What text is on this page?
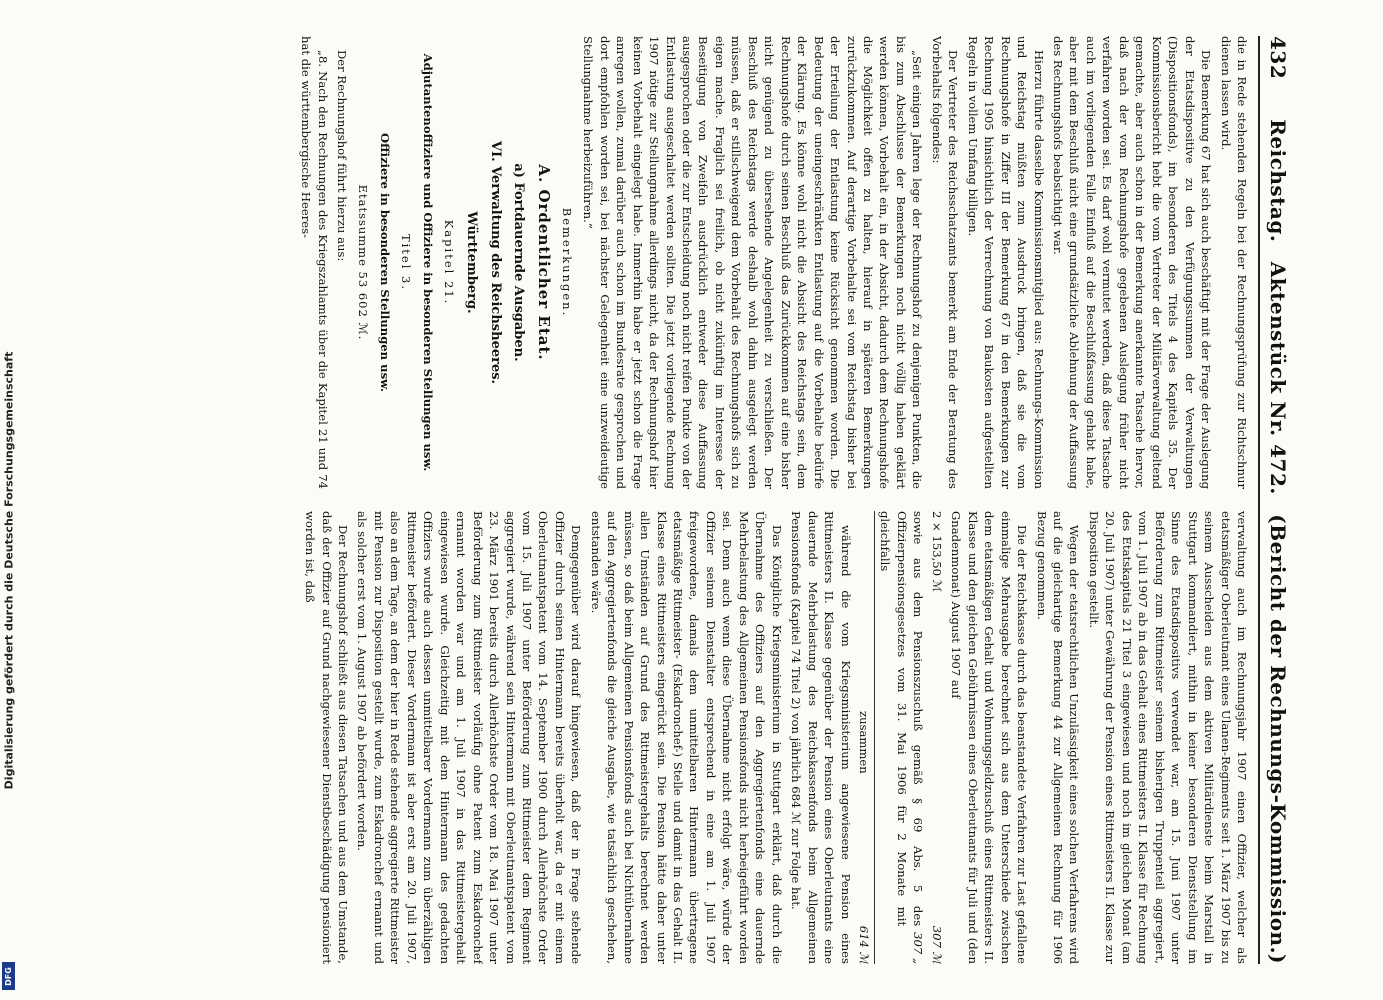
432
Reichstag.
Aktenstück Nr. 472.
(Bericht der Rechnungs-Kommission.)

die in Rede stehenden Regeln bei der Rechnungsprüfung zur Richtschnur dienen lassen wird.

Die Bemerkung 67 hat sich auch beschäftigt mit der Frage der Auslegung der Etatsdispositive zu den Verfügungssummen der Verwaltungen (Dispositionsfonds), im besonderen des Titels 4 des Kapitels 35. Der Kommissionsbericht hebt die vom Vertreter der Militärverwaltung geltend gemachte, aber auch schon in der Bemerkung anerkannte Tatsache hervor, daß nach der vom Rechnungshofe gegebenen Auslegung früher nicht verfahren worden sei. Es darf wohl vermutet werden, daß diese Tatsache auch im vorliegenden Falle Einfluß auf die Beschlußfassung gehabt habe, aber mit dem Beschluß nicht eine grundsätzliche Ablehnung der Auffassung des Rechnungshofs beabsichtigt war.

Hierzu führte dasselbe Kommissionsmitglied aus: Rechnungs-Kommission und Reichstag müßten zum Ausdruck bringen, daß sie die vom Rechnungshofe in Ziffer III der Bemerkung 67 in den Bemerkungen zur Rechnung 1905 hinsichtlich der Verrechnung von Baukosten aufgestellten Regeln in vollem Umfang billigen.

Der Vertreter des Reichsschatzamts bemerkt am Ende der Beratung des Vorbehalts folgendes:

„Seit einigen Jahren lege der Rechnungshof zu denjenigen Punkten, die bis zum Abschlusse der Bemerkungen noch nicht völlig haben geklärt werden können, Vorbehalt ein, in der Absicht, dadurch dem Rechnungshofe die Möglichkeit offen zu halten, hierauf in späteren Bemerkungen zurückzukommen. Auf derartige Vorbehalte sei vom Reichstag bisher bei der Erteilung der Entlastung keine Rücksicht genommen worden. Die Bedeutung der uneingeschränkten Entlastung auf die Vorbehalte bedürfe der Klärung. Es könne wohl nicht die Absicht des Reichstags sein, dem Rechnungshofe durch seinen Beschluß das Zurückkommen auf eine bisher nicht genügend zu übersehende Angelegenheit zu verschließen. Der Beschluß des Reichstags werde deshalb wohl dahin ausgelegt werden müssen, daß er stillschweigend dem Vorbehalt des Rechnungshofs sich zu eigen mache. Fraglich sei freilich, ob nicht zukünftig im Interesse der Beseitigung von Zweifeln ausdrücklich entweder diese Auffassung ausgesprochen oder die zur Entscheidung noch nicht reifen Punkte von der Entlastung ausgeschaltet werden sollten. Die jetzt vorliegende Rechnung 1907 nötige zur Stellungnahme allerdings nicht, da der Rechnungshof hier keinen Vorbehalt eingelegt habe. Immerhin habe er jetzt schon die Frage anregen wollen, zumal darüber auch schon im Bundesrate gesprochen und dort empfohlen worden sei, bei nächster Gelegenheit eine unzweideutige Stellungnahme herbeizuführen.“

Bemerkungen.

A. Ordentlicher Etat.

a) Fortdauernde Ausgaben.

VI. Verwaltung des Reichsheeres.

Württemberg.

Kapitel 21.

Adjutantenoffiziere und Offiziere in besonderen Stellungen usw.

Titel 3.

Offiziere in besonderen Stellungen usw.

Etatssumme 53 602 ℳ.

Der Rechnungshof führt hierzu aus:

„8. Nach den Rechnungen des Kriegszahlamts über die Kapitel 21 und 74 hat die württembergische Heeres-

verwaltung auch im Rechnungsjahr 1907 einen Offizier, welcher als etatsmäßiger Oberleutnant eines Ulanen-Regiments seit 1. März 1907 bis zu seinem Ausscheiden aus dem aktiven Militärdienste beim Marstall in Stuttgart kommandiert, mithin in keiner besonderen Dienststellung im Sinne des Etatsdispositivs verwendet war, am 15. Juni 1907 unter Beförderung zum Rittmeister seinem bisherigen Truppenteil aggregiert, vom 1. Juli 1907 ab in das Gehalt eines Rittmeisters II. Klasse für Rechnung des Etatskapitals 21 Titel 3 eingewiesen und noch im gleichen Monat (am 20. Juli 1907) unter Gewährung der Pension eines Rittmeisters II. Klasse zur Disposition gestellt.

Wegen der etatsrechtlichen Unzulässigkeit eines solchen Verfahrens wird auf die gleichartige Bemerkung 44 zur Allgemeinen Rechnung für 1906 Bezug genommen.

Die der Reichskasse durch das beanstandete Verfahren zur Last gefallene einmalige Mehrausgabe berechnet sich aus dem Unterschiede zwischen dem etatsmäßigen Gehalt und Wohnungsgeldzuschuß eines Rittmeisters II. Klasse und den gleichen Gebührnissen eines Oberleutnants für Juli und (den Gnadenmonat) August 1907 auf

2 × 153,50 ℳ
307 ℳ
sowie aus dem Pensionszuschuß gemäß § 69 Abs. 5 des Offizierpensionsgesetzes vom 31. Mai 1906 für 2 Monate mit gleichfalls
307 „
zusammen
614 ℳ

während die vom Kriegsministerium angewiesene Pension eines Rittmeisters II. Klasse gegenüber der Pension eines Oberleutnants eine dauernde Mehrbelastung des Reichskassenfonds beim Allgemeinen Pensionsfonds (Kapitel 74 Titel 2) von jährlich 684 ℳ zur Folge hat.

Das Königliche Kriegsministerium in Stuttgart erklärt, daß durch die Übernahme des Offiziers auf den Aggregiertenfonds eine dauernde Mehrbelastung des Allgemeinen Pensionsfonds nicht herbeigeführt worden sei. Denn auch wenn diese Übernahme nicht erfolgt wäre, würde der Offizier seinem Dienstalter entsprechend in eine am 1. Juli 1907 freigewordene, damals dem unmittelbaren Hintermann übertragene etatsmäßige Rittmeister- (Eskadronchef-) Stelle und damit in das Gehalt II. Klasse eines Rittmeisters eingerückt sein. Die Pension hätte daher unter allen Umständen auf Grund des Rittmeistergehalts berechnet werden müssen, so daß beim Allgemeinen Pensionsfonds auch bei Nichtübernahme auf den Aggregiertenfonds die gleiche Ausgabe, wie tatsächlich geschehen, entstanden wäre.

Demgegenüber wird darauf hingewiesen, daß der in Frage stehende Offizier durch seinen Hintermann bereits überholt war, da er mit einem Oberleutnantspatent vom 14. September 1900 durch Allerhöchste Order vom 15. Juli 1907 unter Beförderung zum Rittmeister dem Regiment aggregiert wurde, während sein Hintermann mit Oberleutnantspatent vom 23. März 1901 bereits durch Allerhöchste Order vom 18. Mai 1907 unter Beförderung zum Rittmeister vorläufig ohne Patent zum Eskadronchef ernannt worden war und am 1. Juli 1907 in das Rittmeistergehalt eingewiesen wurde. Gleichzeitig mit dem Hintermann des gedachten Offiziers wurde auch dessen unmittelbarer Vordermann zum überzähligen Rittmeister befördert. Dieser Vordermann ist aber erst am 20. Juli 1907, also an dem Tage, an dem der hier in Rede stehende aggregierte Rittmeister mit Pension zur Disposition gestellt wurde, zum Eskadronchef ernannt und als solcher erst vom 1. August 1907 ab befördert worden.

Der Rechnungshof schließt aus diesen Tatsachen und aus dem Umstande, daß der Offizier auf Grund nachgewiesener Dienstbeschädigung pensioniert worden ist, daß

Digitalisierung gefördert durch die Deutsche Forschungsgemeinschaft
DFG
